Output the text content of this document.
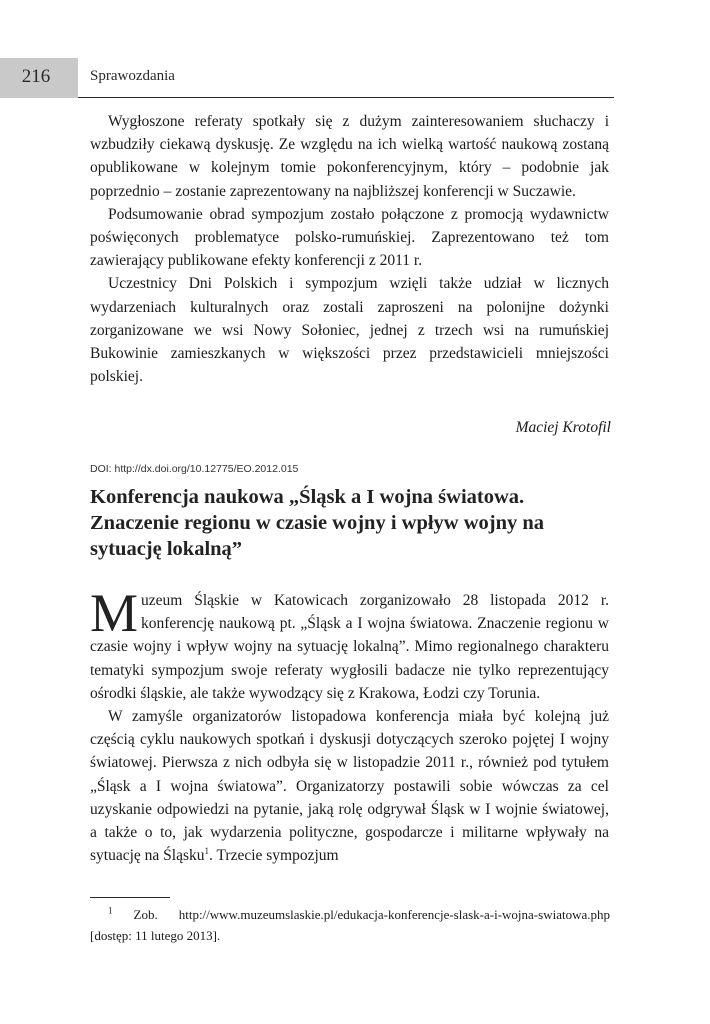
216	Sprawozdania

Wygłoszone referaty spotkały się z dużym zainteresowaniem słuchaczy i wzbudziły ciekawą dyskusję. Ze względu na ich wielką wartość naukową zostaną opublikowane w kolejnym tomie pokonferencyjnym, który – podobnie jak poprzednio – zostanie zaprezentowany na najbliższej konferencji w Suczawie.

Podsumowanie obrad sympozjum zostało połączone z promocją wydawnictw poświęconych problematyce polsko-rumuńskiej. Zaprezentowano też tom zawierający publikowane efekty konferencji z 2011 r.

Uczestnicy Dni Polskich i sympozjum wzięli także udział w licznych wydarzeniach kulturalnych oraz zostali zaproszeni na polonijne dożynki zorganizowane we wsi Nowy Sołoniec, jednej z trzech wsi na rumuńskiej Bukowinie zamieszkanych w większości przez przedstawicieli mniejszości polskiej.

Maciej Krotofil
DOI: http://dx.doi.org/10.12775/EO.2012.015
Konferencja naukowa „Śląsk a I wojna światowa. Znaczenie regionu w czasie wojny i wpływ wojny na sytuację lokalną”

Muzeum Śląskie w Katowicach zorganizowało 28 listopada 2012 r. konferencję naukową pt. „Śląsk a I wojna światowa. Znaczenie regionu w czasie wojny i wpływ wojny na sytuację lokalną”. Mimo regionalnego charakteru tematyki sympozjum swoje referaty wygłosili badacze nie tylko reprezentujący ośrodki śląskie, ale także wywodzący się z Krakowa, Łodzi czy Torunia.

W zamyśle organizatorów listopadowa konferencja miała być kolejną już częścią cyklu naukowych spotkań i dyskusji dotyczących szeroko pojętej I wojny światowej. Pierwsza z nich odbyła się w listopadzie 2011 r., również pod tytułem „Śląsk a I wojna światowa”. Organizatorzy postawili sobie wówczas za cel uzyskanie odpowiedzi na pytanie, jaką rolę odgrywał Śląsk w I wojnie światowej, a także o to, jak wydarzenia polityczne, gospodarcze i militarne wpływały na sytuację na Śląsku$^1$. Trzecie sympozjum

$^1$ Zob. http://www.muzeumslaskie.pl/edukacja-konferencje-slask-a-i-wojna-swiatowa.php [dostęp: 11 lutego 2013].
